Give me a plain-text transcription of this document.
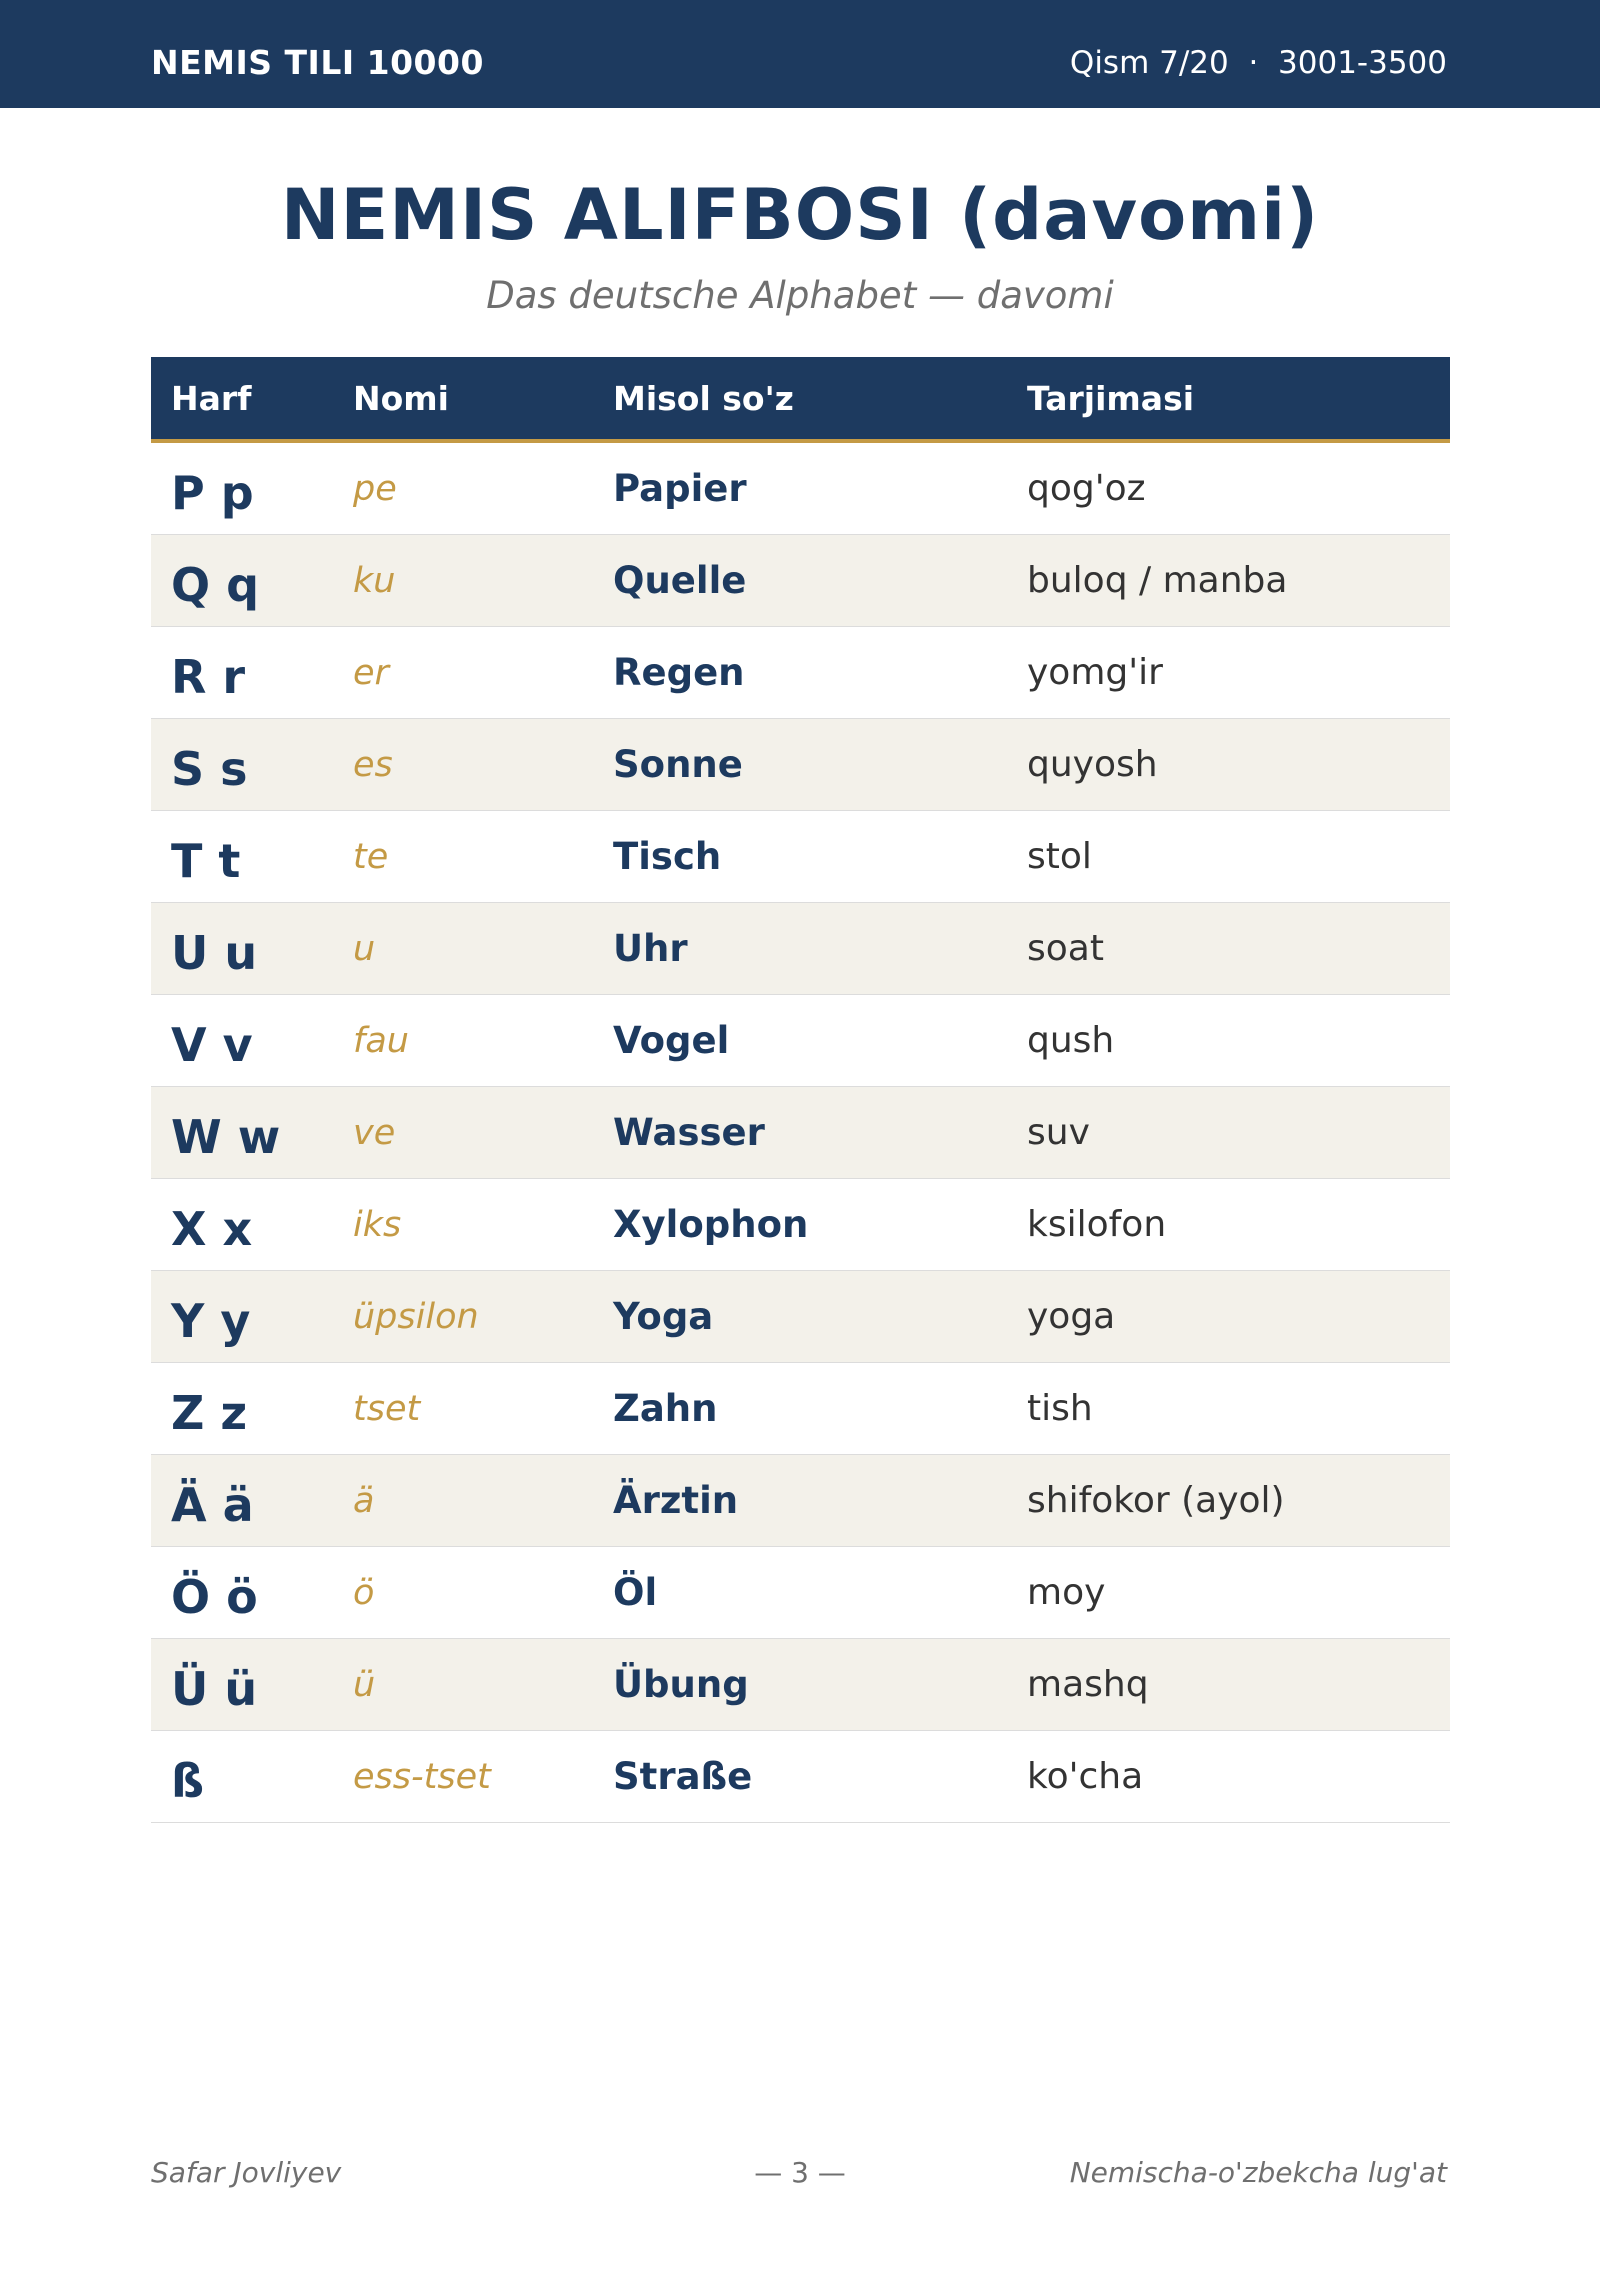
NEMIS TILI 10000	Qism 7/20  ·  3001-3500
NEMIS ALIFBOSI (davomi)
Das deutsche Alphabet — davomi
Harf	Nomi	Misol so'z	Tarjimasi
P p	pe	Papier	qog'oz
Q q	ku	Quelle	buloq / manba
R r	er	Regen	yomg'ir
S s	es	Sonne	quyosh
T t	te	Tisch	stol
U u	u	Uhr	soat
V v	fau	Vogel	qush
W w	ve	Wasser	suv
X x	iks	Xylophon	ksilofon
Y y	üpsilon	Yoga	yoga
Z z	tset	Zahn	tish
Ä ä	ä	Ärztin	shifokor (ayol)
Ö ö	ö	Öl	moy
Ü ü	ü	Übung	mashq
ß	ess-tset	Straße	ko'cha
Safar Jovliyev	— 3 —	Nemischa-o'zbekcha lug'at
